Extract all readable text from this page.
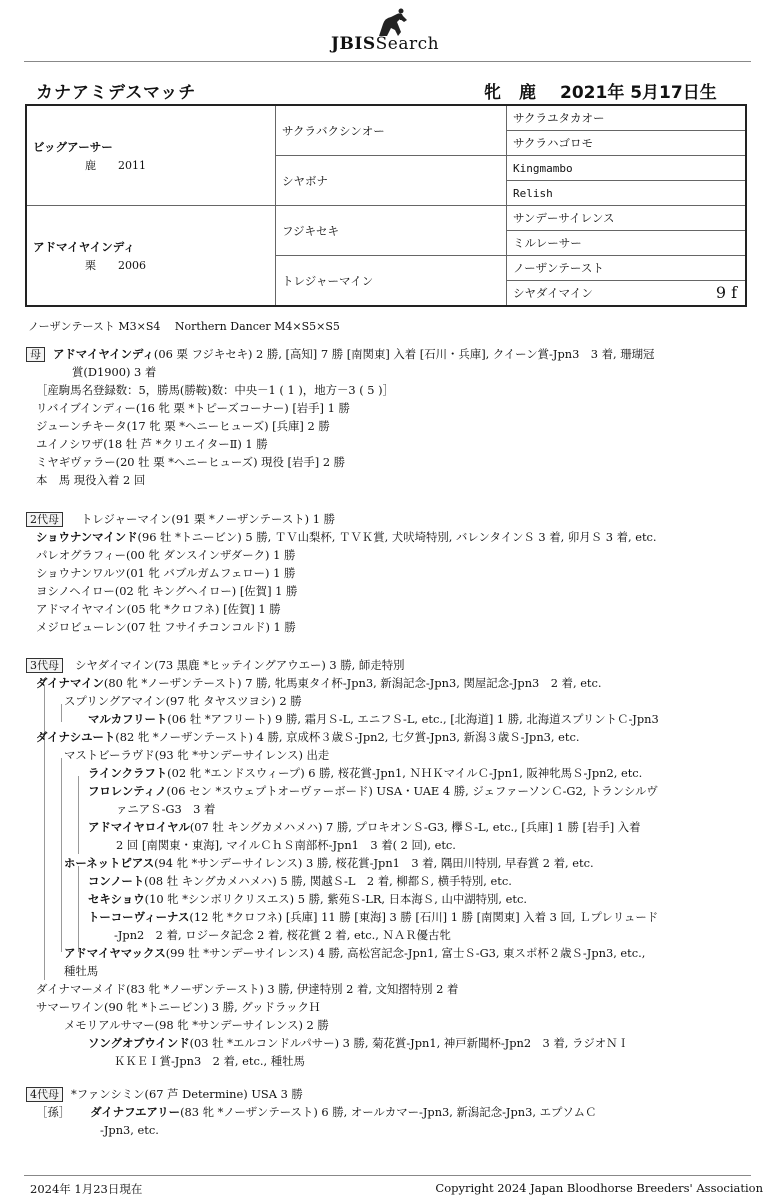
JBISSearch
カナアミデスマッチ	牝 鹿 2021年 5月17日生
ビッグアーサー
鹿　　2011	サクラバクシンオー	サクラユタカオー
		サクラハゴロモ
	シヤボナ	Kingmambo
		Relish

アドマイヤインディ
栗　　2006	フジキセキ	サンデーサイレンス
		ミルレーサー
	トレジャーマイン	ノーザンテースト
		シヤダイマイン 9 f
ノーザンテースト M3×S4　 Northern Dancer M4×S5×S5
母 アドマイヤインディ(06 栗 フジキセキ) 2 勝, [高知] 7 勝 [南関東] 入着 [石川・兵庫], クイーン賞-Jpn3　3 着, 珊瑚冠
賞(D1900) 3 着
［産駒馬名登録数：5，勝馬(勝鞍)数：中央－1 ( 1 )，地方－3 ( 5 )］
リバイブインディー(16 牝 栗 *トピーズコーナー) [岩手] 1 勝
ジューンチキータ(17 牝 栗 *ヘニーヒューズ) [兵庫] 2 勝
ユイノシワザ(18 牡 芦 *クリエイターⅡ) 1 勝
ミヤギヴァラー(20 牡 栗 *ヘニーヒューズ) 現役 [岩手] 2 勝
本　馬 現役入着 2 回
2代母 トレジャーマイン(91 栗 *ノーザンテースト) 1 勝
ショウナンマインド(96 牡 *トニービン) 5 勝, ＴＶ山梨杯, ＴＶＫ賞, 犬吠埼特別, バレンタインＳ 3 着, 卯月Ｓ 3 着, etc.
パレオグラフィー(00 牝 ダンスインザダーク) 1 勝
ショウナンワルツ(01 牝 バブルガムフェロー) 1 勝
ヨシノヘイロー(02 牝 キングヘイロー) [佐賀] 1 勝
アドマイヤマイン(05 牝 *クロフネ) [佐賀] 1 勝
メジロビューレン(07 牡 フサイチコンコルド) 1 勝
3代母 シヤダイマイン(73 黒鹿 *ヒッテイングアウエー) 3 勝, 師走特別
ダイナマイン(80 牝 *ノーザンテースト) 7 勝, 牝馬東タイ杯-Jpn3, 新潟記念-Jpn3, 関屋記念-Jpn3　2 着, etc.
スプリングアマイン(97 牝 タヤスツヨシ) 2 勝
マルカフリート(06 牡 *アフリート) 9 勝, 霜月Ｓ-L, エニフＳ-L, etc., [北海道] 1 勝, 北海道スプリントＣ-Jpn3
ダイナシユート(82 牝 *ノーザンテースト) 4 勝, 京成杯３歳Ｓ-Jpn2, 七夕賞-Jpn3, 新潟３歳Ｓ-Jpn3, etc.
マストビーラヴド(93 牝 *サンデーサイレンス) 出走
ラインクラフト(02 牝 *エンドスウィープ) 6 勝, 桜花賞-Jpn1, ＮＨＫマイルＣ-Jpn1, 阪神牝馬Ｓ-Jpn2, etc.
フロレンティノ(06 セン *スウェプトオーヴァーボード) USA・UAE 4 勝, ジェファーソンＣ-G2, トランシルヴ
ァニアＳ-G3　3 着
アドマイヤロイヤル(07 牡 キングカメハメハ) 7 勝, プロキオンＳ-G3, 欅Ｓ-L, etc., [兵庫] 1 勝 [岩手] 入着
2 回 [南関東・東海], マイルＣｈＳ南部杯-Jpn1　3 着( 2 回), etc.
ホーネットピアス(94 牝 *サンデーサイレンス) 3 勝, 桜花賞-Jpn1　3 着, 隅田川特別, 早春賞 2 着, etc.
コンノート(08 牡 キングカメハメハ) 5 勝, 関越Ｓ-L　2 着, 柳都Ｓ, 横手特別, etc.
セキショウ(10 牝 *シンボリクリスエス) 5 勝, 紫苑Ｓ-LR, 日本海Ｓ, 山中湖特別, etc.
トーコーヴィーナス(12 牝 *クロフネ) [兵庫] 11 勝 [東海] 3 勝 [石川] 1 勝 [南関東] 入着 3 回, Ｌプレリュード
-Jpn2　2 着, ロジータ記念 2 着, 桜花賞 2 着, etc., ＮＡＲ優古牝
アドマイヤマックス(99 牡 *サンデーサイレンス) 4 勝, 高松宮記念-Jpn1, 富士Ｓ-G3, 東スポ杯２歳Ｓ-Jpn3, etc.,
種牡馬
ダイナマーメイド(83 牝 *ノーザンテースト) 3 勝, 伊達特別 2 着, 文知摺特別 2 着
サマーワイン(90 牝 *トニービン) 3 勝, グッドラックＨ
メモリアルサマー(98 牝 *サンデーサイレンス) 2 勝
ソングオブウインド(03 牡 *エルコンドルパサー) 3 勝, 菊花賞-Jpn1, 神戸新聞杯-Jpn2　3 着, ラジオＮＩ
ＫＫＥＩ賞-Jpn3　2 着, etc., 種牡馬
4代母 *ファンシミン(67 芦 Determine) USA 3 勝
［孫］ ダイナフエアリー(83 牝 *ノーザンテースト) 6 勝, オールカマー-Jpn3, 新潟記念-Jpn3, エプソムＣ
-Jpn3, etc.
2024年 1月23日現在	Copyright 2024 Japan Bloodhorse Breeders' Association
